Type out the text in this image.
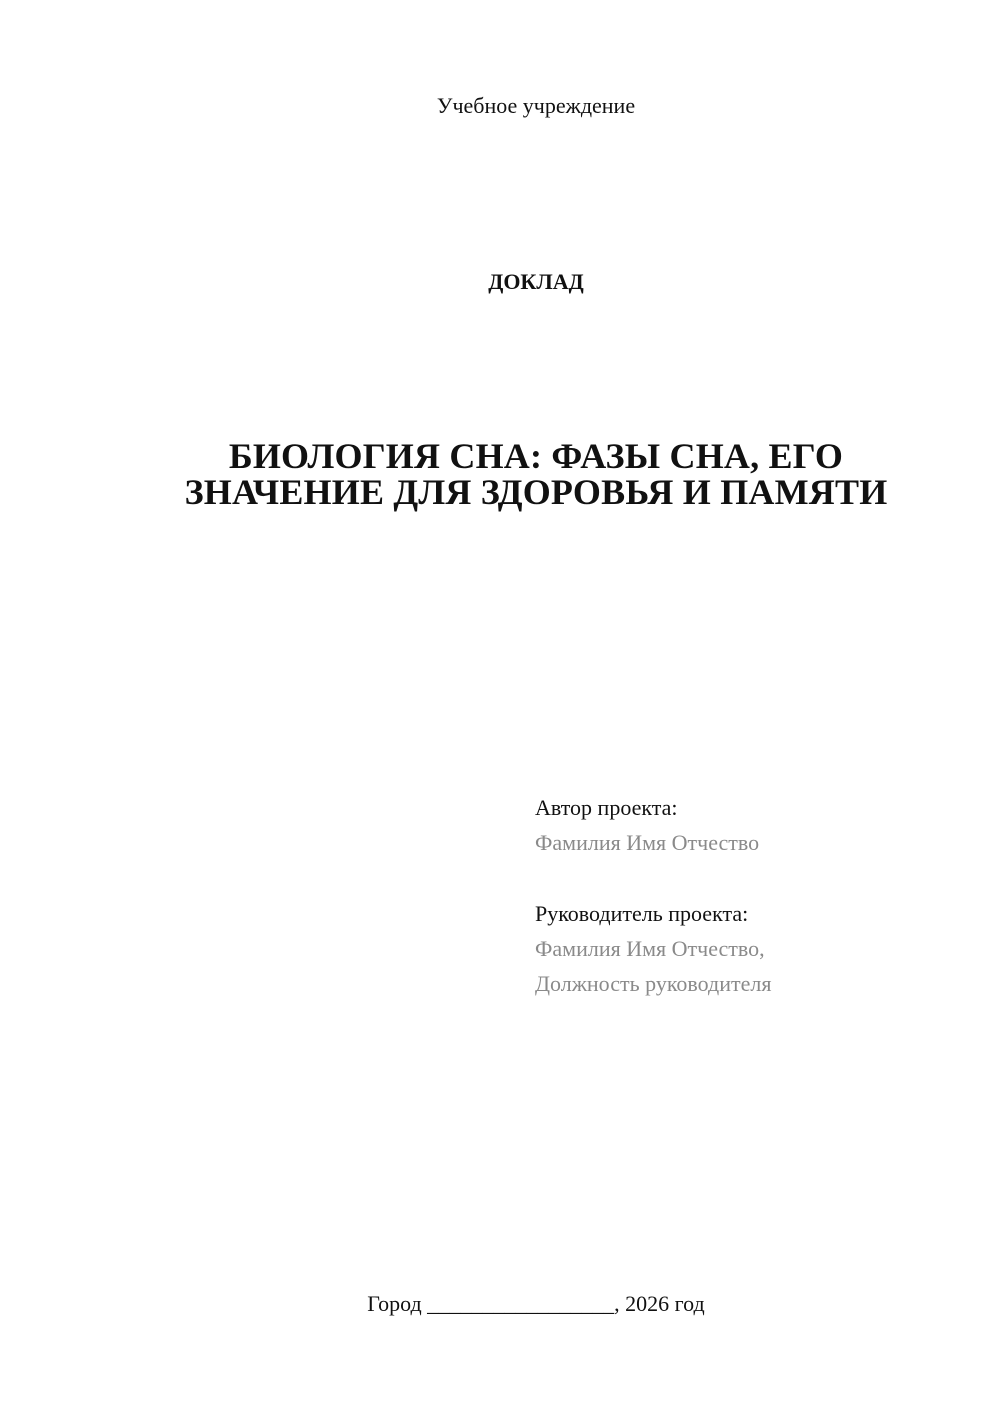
Учебное учреждение
ДОКЛАД
БИОЛОГИЯ СНА: ФАЗЫ СНА, ЕГО
ЗНАЧЕНИЕ ДЛЯ ЗДОРОВЬЯ И ПАМЯТИ
Автор проекта:
Фамилия Имя Отчество
Руководитель проекта:
Фамилия Имя Отчество,
Должность руководителя
Город _________________, 2026 год
